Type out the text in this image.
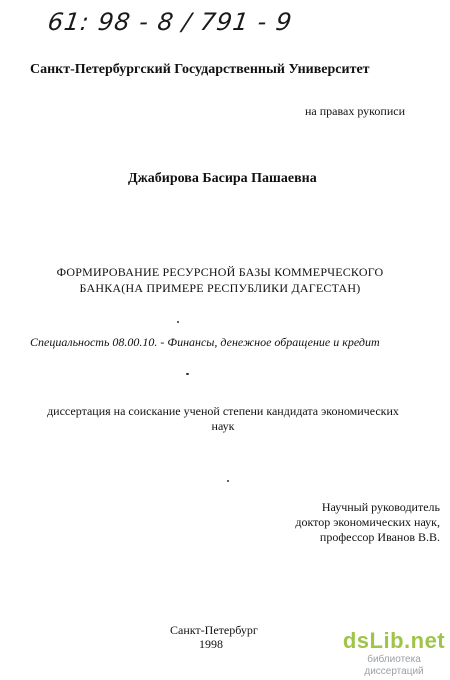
61: 98 - 8 / 791 - 9
Санкт-Петербургский Государственный Университет
на правах рукописи
Джабирова Басира Пашаевна
ФОРМИРОВАНИЕ РЕСУРСНОЙ БАЗЫ КОММЕРЧЕСКОГО
БАНКА(НА ПРИМЕРЕ РЕСПУБЛИКИ ДАГЕСТАН)
Специальность 08.00.10. - Финансы, денежное обращение и кредит
диссертация на соискание ученой степени кандидата экономических
наук
Научный руководитель
доктор экономических наук,
профессор Иванов В.В.
Санкт-Петербург
1998	dsLib.net
библиотека диссертаций
